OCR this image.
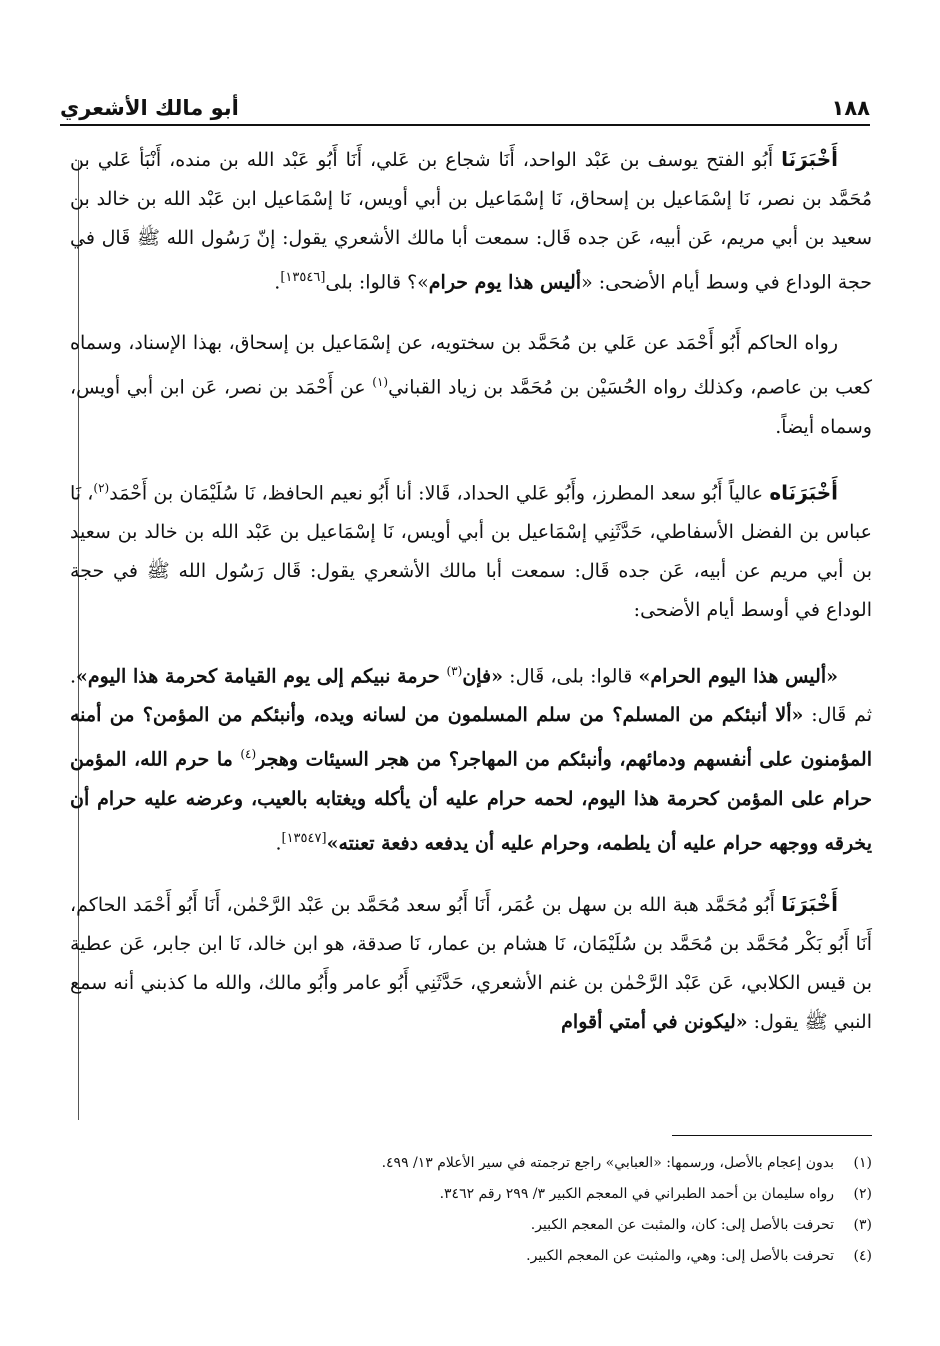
١٨٨
أبو مالك الأشعري

أَخْبَرَنَا أَبُو الفتح يوسف بن عَبْد الواحد، أَنَا شجاع بن عَلي، أَنَا أَبُو عَبْد الله بن منده، أَنْبَأ عَلي بن مُحَمَّد بن نصر، نَا إسْمَاعيل بن إسحاق، نَا إسْمَاعيل بن أبي أويس، نَا إسْمَاعيل ابن عَبْد الله بن خالد بن سعيد بن أبي مريم، عَن أبيه، عَن جده قَال: سمعت أبا مالك الأشعري يقول: إنّ رَسُول الله ﷺ قَال في حجة الوداع في وسط أيام الأضحى: «أليس هذا يوم حرام»؟ قالوا: بلى[١٣٥٤٦].

رواه الحاكم أَبُو أَحْمَد عن عَلي بن مُحَمَّد بن سختويه، عن إسْمَاعيل بن إسحاق، بهذا الإسناد، وسماه كعب بن عاصم، وكذلك رواه الحُسَيْن بن مُحَمَّد بن زياد القباني$^{(١)}$ عن أَحْمَد بن نصر، عَن ابن أبي أويس، وسماه أيضاً.

أَخْبَرَنَاه عالياً أَبُو سعد المطرز، وأَبُو عَلي الحداد، قَالا: أنا أَبُو نعيم الحافظ، نَا سُلَيْمَان بن أَحْمَد$^{(٢)}$، نَا عباس بن الفضل الأسفاطي، حَدَّثَنِي إسْمَاعيل بن أبي أويس، نَا إسْمَاعيل بن عَبْد الله بن خالد بن سعيد بن أبي مريم عن أبيه، عَن جده قَال: سمعت أبا مالك الأشعري يقول: قَال رَسُول الله ﷺ في حجة الوداع في أوسط أيام الأضحى:

«أليس هذا اليوم الحرام» قالوا: بلى، قَال: «فإن$^{(٣)}$ حرمة نبيكم إلى يوم القيامة كحرمة هذا اليوم». ثم قَال: «ألا أنبئكم من المسلم؟ من سلم المسلمون من لسانه ويده، وأنبئكم من المؤمن؟ من أمنه المؤمنون على أنفسهم ودمائهم، وأنبئكم من المهاجر؟ من هجر السيئات وهجر$^{(٤)}$ ما حرم الله، المؤمن حرام على المؤمن كحرمة هذا اليوم، لحمه حرام عليه أن يأكله ويغتابه بالعيب، وعرضه عليه حرام أن يخرقه ووجهه حرام عليه أن يلطمه، وحرام عليه أن يدفعه دفعة تعنته»[١٣٥٤٧].

أَخْبَرَنَا أَبُو مُحَمَّد هبة الله بن سهل بن عُمَر، أَنَا أَبُو سعد مُحَمَّد بن عَبْد الرَّحْمٰن، أَنَا أَبُو أَحْمَد الحاكم، أَنَا أَبُو بَكْر مُحَمَّد بن مُحَمَّد بن سُلَيْمَان، نَا هشام بن عمار، نَا صدقة، هو ابن خالد، نَا ابن جابر، عَن عطية بن قيس الكلابي، عَن عَبْد الرَّحْمٰن بن غنم الأشعري، حَدَّثَنِي أَبُو عامر وأَبُو مالك، والله ما كذبني أنه سمع النبي ﷺ يقول: «ليكونن في أمتي أقوام

(١)
بدون إعجام بالأصل، ورسمها: «العبابي» راجع ترجمته في سير الأعلام ١٣/ ٤٩٩.
(٢)
رواه سليمان بن أحمد الطبراني في المعجم الكبير ٣/ ٢٩٩ رقم ٣٤٦٢.
(٣)
تحرفت بالأصل إلى: كان، والمثبت عن المعجم الكبير.
(٤)
تحرفت بالأصل إلى: وهي، والمثبت عن المعجم الكبير.
